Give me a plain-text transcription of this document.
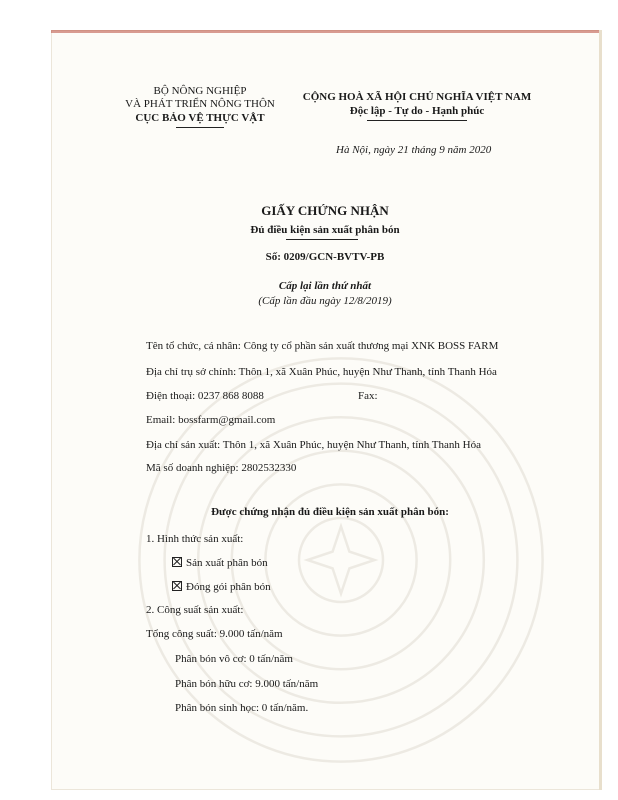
BỘ NÔNG NGHIỆP
VÀ PHÁT TRIỂN NÔNG THÔN
CỤC BẢO VỆ THỰC VẬT
CỘNG HOÀ XÃ HỘI CHỦ NGHĨA VIỆT NAM
Độc lập - Tự do - Hạnh phúc
Hà Nội, ngày 21 tháng 9 năm 2020
GIẤY CHỨNG NHẬN
Đủ điều kiện sản xuất phân bón
Số: 0209/GCN-BVTV-PB
Cấp lại lần thứ nhất
(Cấp lần đầu ngày 12/8/2019)
Tên tổ chức, cá nhân: Công ty cổ phần sản xuất thương mại XNK BOSS FARM
Địa chỉ trụ sở chính: Thôn 1, xã Xuân Phúc, huyện Như Thanh, tỉnh Thanh Hóa
Điện thoại: 0237 868 8088	Fax:
Email: bossfarm@gmail.com
Địa chỉ sản xuất: Thôn 1, xã Xuân Phúc, huyện Như Thanh, tỉnh Thanh Hóa
Mã số doanh nghiệp: 2802532330
Được chứng nhận đủ điều kiện sản xuất phân bón:
1. Hình thức sản xuất:
Sản xuất phân bón
Đóng gói phân bón
2. Công suất sản xuất:
Tổng công suất: 9.000 tấn/năm
Phân bón vô cơ: 0 tấn/năm
Phân bón hữu cơ: 9.000 tấn/năm
Phân bón sinh học: 0 tấn/năm.
